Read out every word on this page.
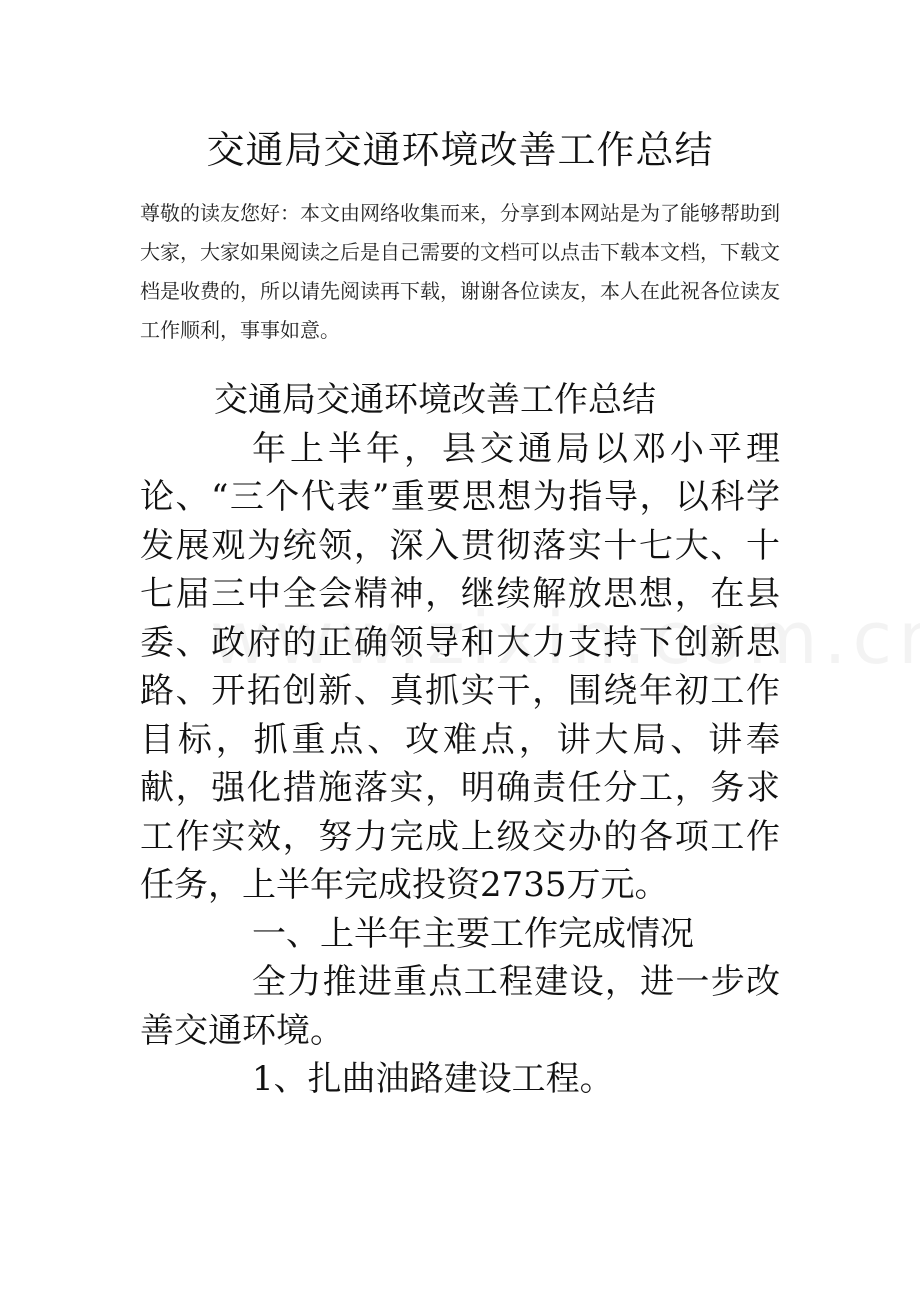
交通局交通环境改善工作总结
尊敬的读友您好：本文由网络收集而来，分享到本网站是为了能够帮助到大家，大家如果阅读之后是自己需要的文档可以点击下载本文档，下载文档是收费的，所以请先阅读再下载，谢谢各位读友，本人在此祝各位读友工作顺利，事事如意。

交通局交通环境改善工作总结

年上半年，县交通局以邓小平理论、“三个代表”重要思想为指导，以科学发展观为统领，深入贯彻落实十七大、十七届三中全会精神，继续解放思想，在县委、政府的正确领导和大力支持下创新思路、开拓创新、真抓实干，围绕年初工作目标，抓重点、攻难点，讲大局、讲奉献，强化措施落实，明确责任分工，务求工作实效，努力完成上级交办的各项工作任务，上半年完成投资2735万元。

一、上半年主要工作完成情况

全力推进重点工程建设，进一步改善交通环境。

1、扎曲油路建设工程。
